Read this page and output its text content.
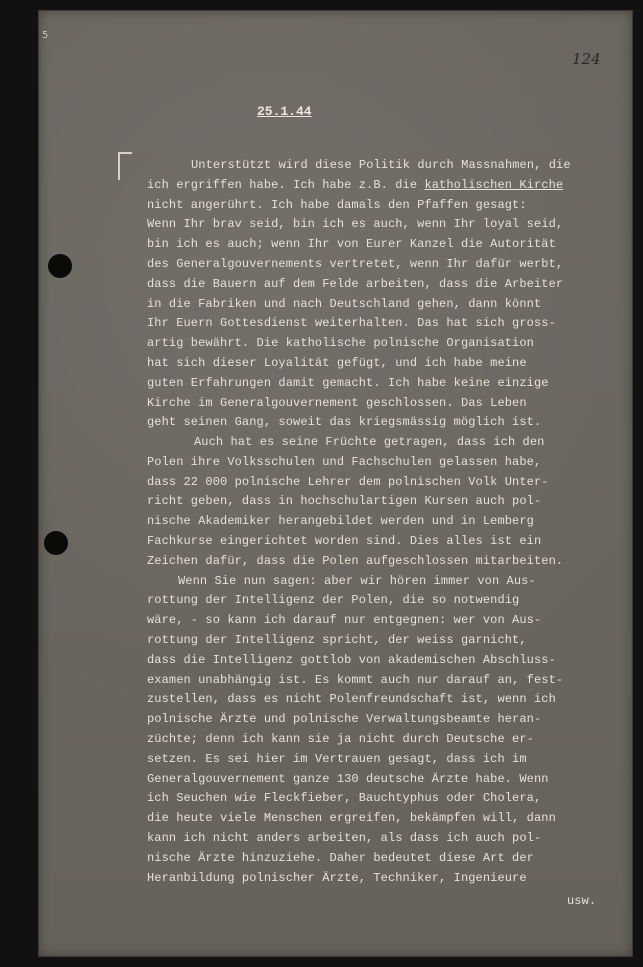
5
124
25.1.44
Unterstützt wird diese Politik durch Massnahmen, die
ich ergriffen habe. Ich habe z.B. die katholischen Kirche
nicht angerührt. Ich habe damals den Pfaffen gesagt:
Wenn Ihr brav seid, bin ich es auch, wenn Ihr loyal seid,
bin ich es auch; wenn Ihr von Eurer Kanzel die Autorität
des Generalgouvernements vertretet, wenn Ihr dafür werbt,
dass die Bauern auf dem Felde arbeiten, dass die Arbeiter
in die Fabriken und nach Deutschland gehen, dann könnt
Ihr Euern Gottesdienst weiterhalten. Das hat sich gross-
artig bewährt. Die katholische polnische Organisation
hat sich dieser Loyalität gefügt, und ich habe meine
guten Erfahrungen damit gemacht. Ich habe keine einzige
Kirche im Generalgouvernement geschlossen. Das Leben
geht seinen Gang, soweit das kriegsmässig möglich ist.
Auch hat es seine Früchte getragen, dass ich den
Polen ihre Volksschulen und Fachschulen gelassen habe,
dass 22 000 polnische Lehrer dem polnischen Volk Unter-
richt geben, dass in hochschulartigen Kursen auch pol-
nische Akademiker herangebildet werden und in Lemberg
Fachkurse eingerichtet worden sind. Dies alles ist ein
Zeichen dafür, dass die Polen aufgeschlossen mitarbeiten.
Wenn Sie nun sagen: aber wir hören immer von Aus-
rottung der Intelligenz der Polen, die so notwendig
wäre, - so kann ich darauf nur entgegnen: wer von Aus-
rottung der Intelligenz spricht, der weiss garnicht,
dass die Intelligenz gottlob von akademischen Abschluss-
examen unabhängig ist. Es kommt auch nur darauf an, fest-
zustellen, dass es nicht Polenfreundschaft ist, wenn ich
polnische Ärzte und polnische Verwaltungsbeamte heran-
züchte; denn ich kann sie ja nicht durch Deutsche er-
setzen. Es sei hier im Vertrauen gesagt, dass ich im
Generalgouvernement ganze 130 deutsche Ärzte habe. Wenn
ich Seuchen wie Fleckfieber, Bauchtyphus oder Cholera,
die heute viele Menschen ergreifen, bekämpfen will, dann
kann ich nicht anders arbeiten, als dass ich auch pol-
nische Ärzte hinzuziehe. Daher bedeutet diese Art der
Heranbildung polnischer Ärzte, Techniker, Ingenieure
usw.
